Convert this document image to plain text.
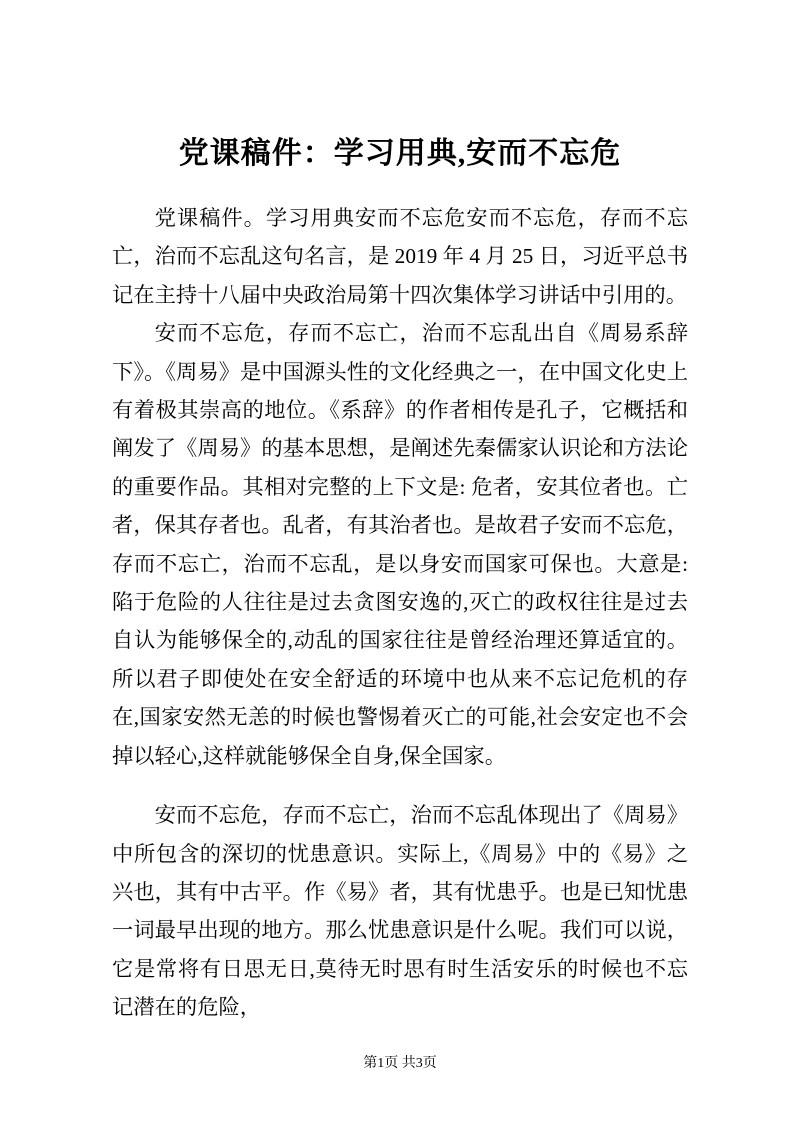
党课稿件：学习用典,安而不忘危

党课稿件。学习用典安而不忘危安而不忘危，存而不忘亡，治而不忘乱这句名言，是 2019 年 4 月 25 日，习近平总书记在主持十八届中央政治局第十四次集体学习讲话中引用的。

安而不忘危，存而不忘亡，治而不忘乱出自《周易系辞下》。《周易》是中国源头性的文化经典之一，在中国文化史上有着极其崇高的地位。《系辞》的作者相传是孔子，它概括和阐发了《周易》的基本思想，是阐述先秦儒家认识论和方法论的重要作品。其相对完整的上下文是: 危者，安其位者也。亡者，保其存者也。乱者，有其治者也。是故君子安而不忘危，存而不忘亡，治而不忘乱，是以身安而国家可保也。大意是: 陷于危险的人往往是过去贪图安逸的,灭亡的政权往往是过去自认为能够保全的,动乱的国家往往是曾经治理还算适宜的。所以君子即使处在安全舒适的环境中也从来不忘记危机的存在,国家安然无恙的时候也警惕着灭亡的可能,社会安定也不会掉以轻心,这样就能够保全自身,保全国家。

安而不忘危，存而不忘亡，治而不忘乱体现出了《周易》中所包含的深切的忧患意识。实际上,《周易》中的《易》之兴也，其有中古平。作《易》者，其有忧患乎。也是已知忧患一词最早出现的地方。那么忧患意识是什么呢。我们可以说，它是常将有日思无日,莫待无时思有时生活安乐的时候也不忘记潜在的危险，

第1页 共3页
